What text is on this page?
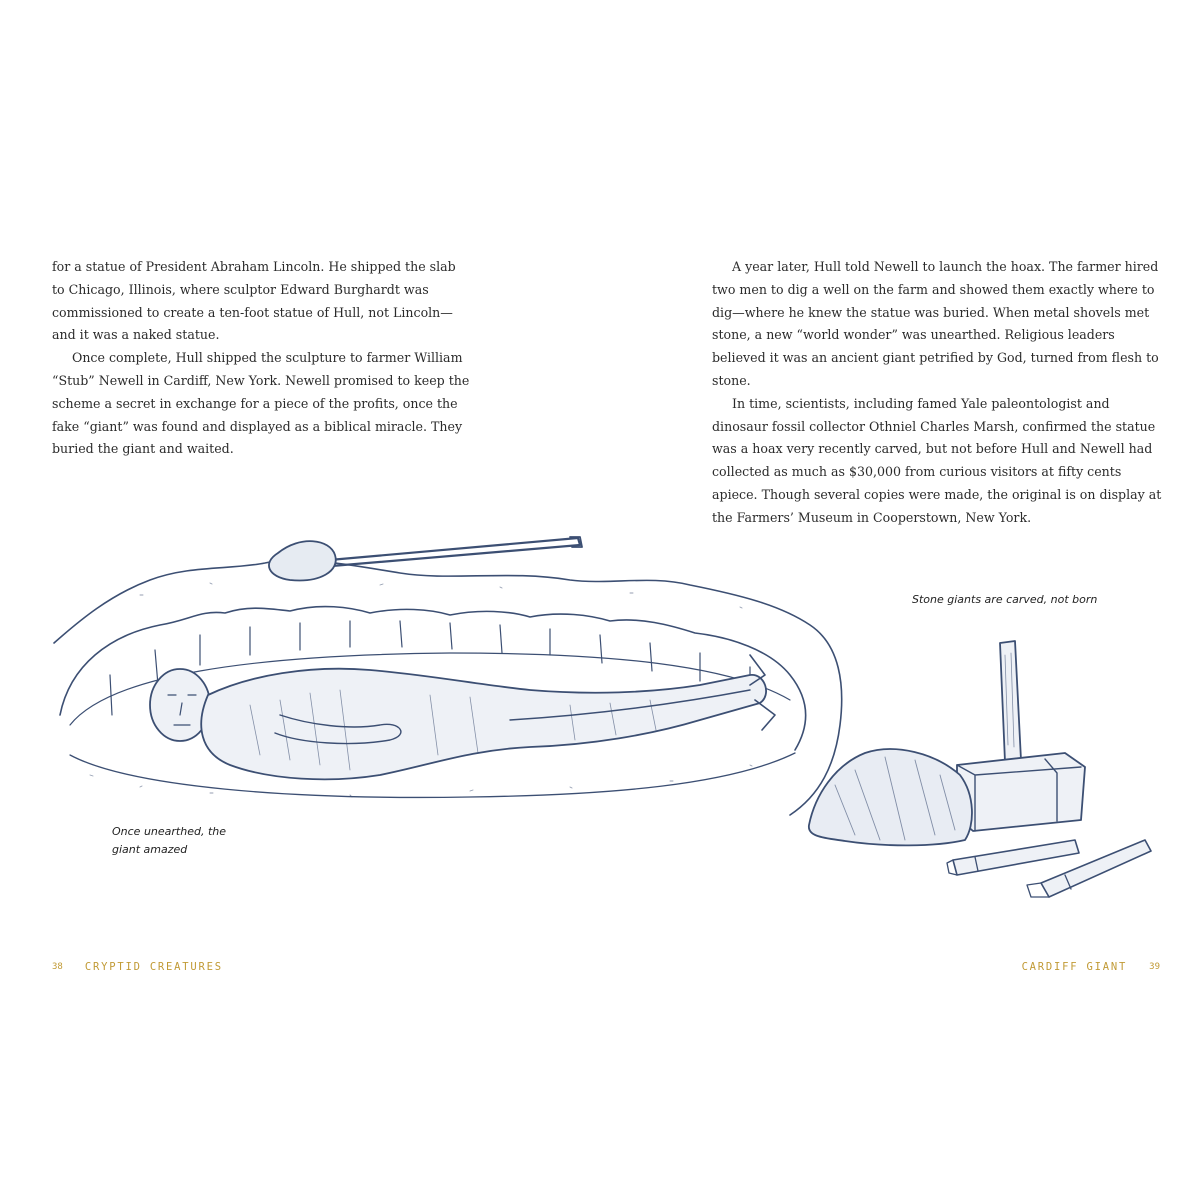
for a statue of President Abraham Lincoln. He shipped the slab to Chicago, Illinois, where sculptor Edward Burghardt was commissioned to create a ten-foot statue of Hull, not Lincoln—and it was a naked statue.

Once complete, Hull shipped the sculpture to farmer William “Stub” Newell in Cardiff, New York. Newell promised to keep the scheme a secret in exchange for a piece of the profits, once the fake “giant” was found and displayed as a biblical miracle. They buried the giant and waited.

Once unearthed, the
giant amazed
38 CRYPTID CREATURES

A year later, Hull told Newell to launch the hoax. The farmer hired two men to dig a well on the farm and showed them exactly where to dig—where he knew the statue was buried. When metal shovels met stone, a new “world wonder” was unearthed. Religious leaders believed it was an ancient giant petrified by God, turned from flesh to stone.

In time, scientists, including famed Yale paleontologist and dinosaur fossil collector Othniel Charles Marsh, confirmed the statue was a hoax very recently carved, but not before Hull and Newell had collected as much as $30,000 from curious visitors at fifty cents apiece. Though several copies were made, the original is on display at the Farmers’ Museum in Cooperstown, New York.

Stone giants are carved, not born
CARDIFF GIANT 39
